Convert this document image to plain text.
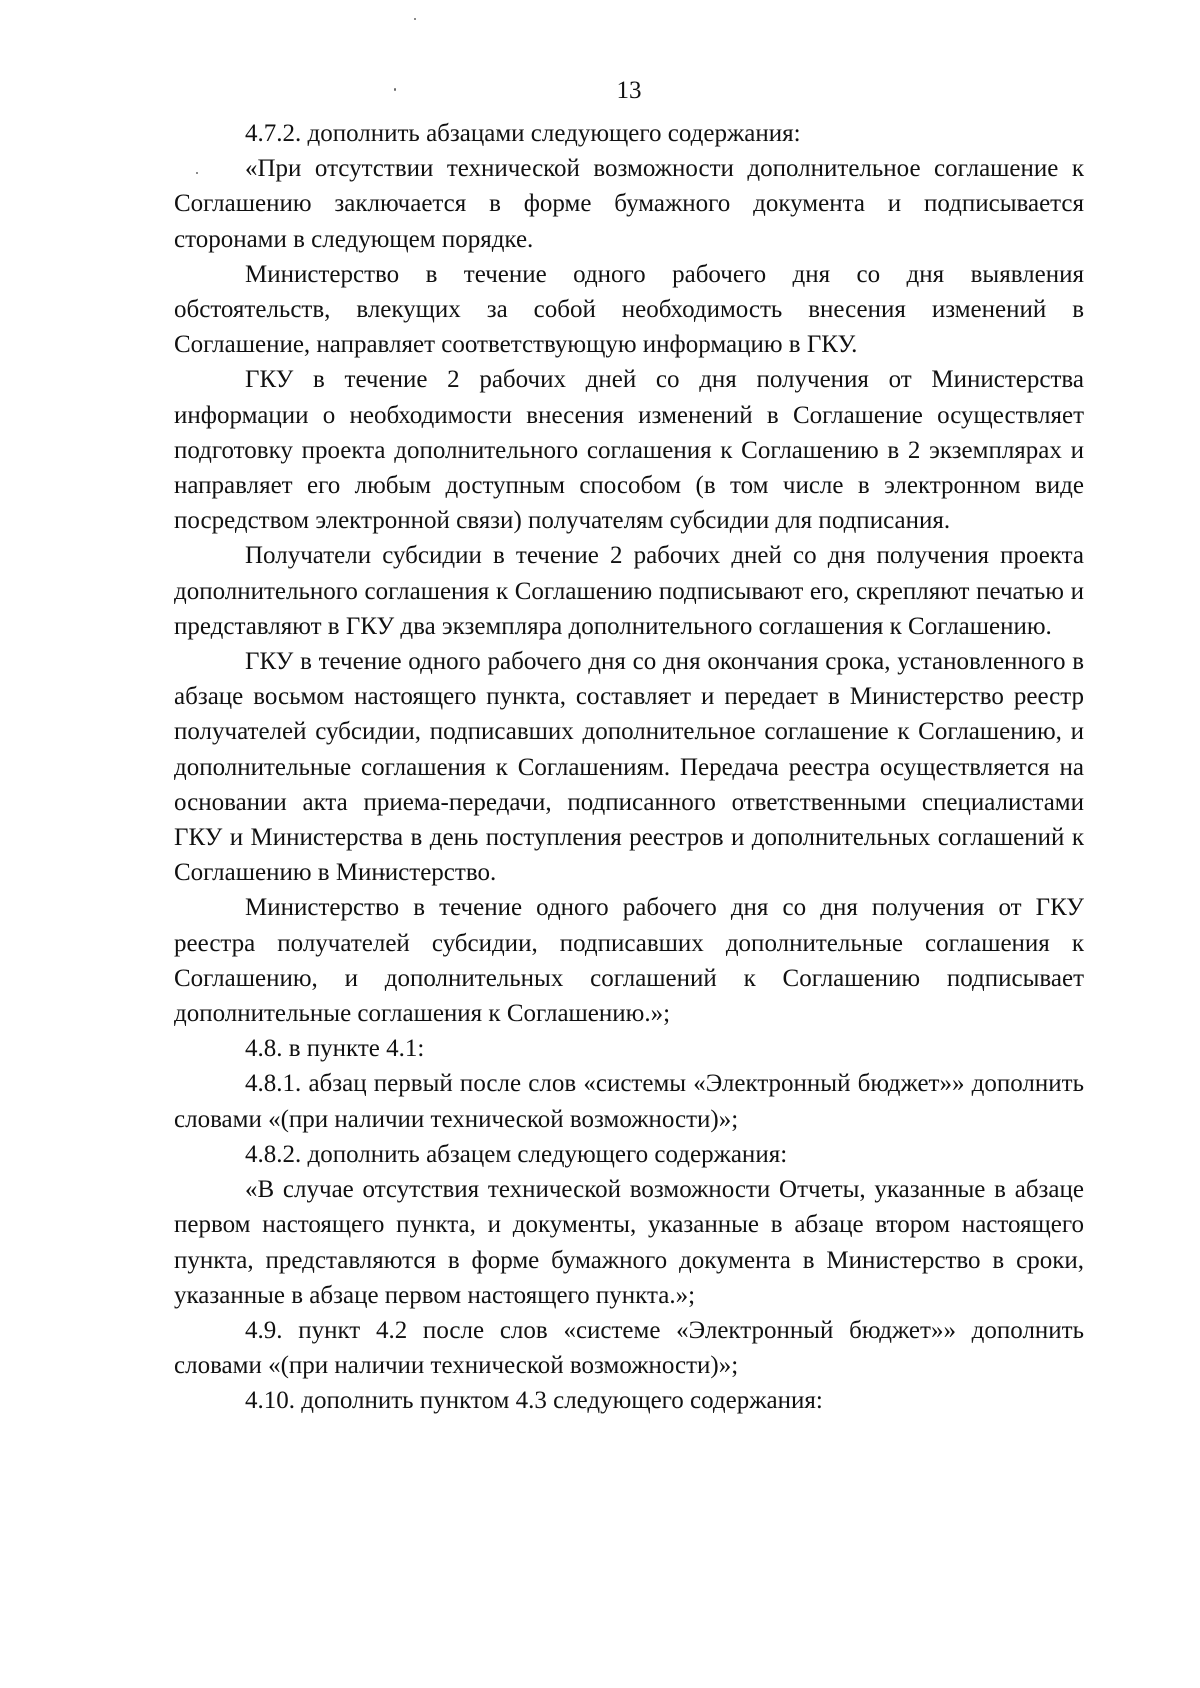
13

4.7.2. дополнить абзацами следующего содержания:

«При отсутствии технической возможности дополнительное соглашение к Соглашению заключается в форме бумажного документа и подписывается сторонами в следующем порядке.

Министерство в течение одного рабочего дня со дня выявления обстоятельств, влекущих за собой необходимость внесения изменений в Соглашение, направляет соответствующую информацию в ГКУ.

ГКУ в течение 2 рабочих дней со дня получения от Министерства информации о необходимости внесения изменений в Соглашение осуществляет подготовку проекта дополнительного соглашения к Соглашению в 2 экземплярах и направляет его любым доступным способом (в том числе в электронном виде посредством электронной связи) получателям субсидии для подписания.

Получатели субсидии в течение 2 рабочих дней со дня получения проекта дополнительного соглашения к Соглашению подписывают его, скрепляют печатью и представляют в ГКУ два экземпляра дополнительного соглашения к Соглашению.

ГКУ в течение одного рабочего дня со дня окончания срока, установленного в абзаце восьмом настоящего пункта, составляет и передает в Министерство реестр получателей субсидии, подписавших дополнительное соглашение к Соглашению, и дополнительные соглашения к Соглашениям. Передача реестра осуществляется на основании акта приема-передачи, подписанного ответственными специалистами ГКУ и Министерства в день поступления реестров и дополнительных соглашений к Соглашению в Министерство.

Министерство в течение одного рабочего дня со дня получения от ГКУ реестра получателей субсидии, подписавших дополнительные соглашения к Соглашению, и дополнительных соглашений к Соглашению подписывает дополнительные соглашения к Соглашению.»;

4.8. в пункте 4.1:

4.8.1. абзац первый после слов «системы «Электронный бюджет»» дополнить словами «(при наличии технической возможности)»;

4.8.2. дополнить абзацем следующего содержания:

«В случае отсутствия технической возможности Отчеты, указанные в абзаце первом настоящего пункта, и документы, указанные в абзаце втором настоящего пункта, представляются в форме бумажного документа в Министерство в сроки, указанные в абзаце первом настоящего пункта.»;

4.9. пункт 4.2 после слов «системе «Электронный бюджет»» дополнить словами «(при наличии технической возможности)»;

4.10. дополнить пунктом 4.3 следующего содержания:
